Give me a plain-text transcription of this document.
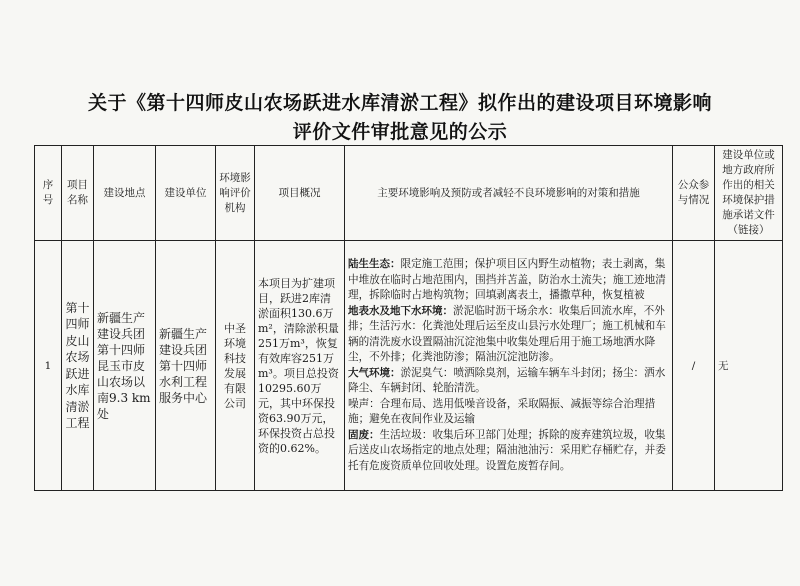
关于《第十四师皮山农场跃进水库清淤工程》拟作出的建设项目环境影响
评价文件审批意见的公示
序号	项目名称	建设地点	建设单位	环境影响评价机构	项目概况	主要环境影响及预防或者减轻不良环境影响的对策和措施	公众参与情况	建设单位或地方政府所作出的相关环境保护措施承诺文件（链接）
1	第十四师皮山农场跃进水库清淤工程	新疆生产建设兵团第十四师昆玉市皮山农场以南9.3 km处	新疆生产建设兵团第十四师水利工程服务中心	中圣环境科技发展有限公司	本项目为扩建项目，跃进2库清淤面积130.6万m²，清除淤积量251万m³，恢复有效库容251万m³。项目总投资10295.60万元，其中环保投资63.90万元，环保投资占总投资的0.62%。	陆生生态：限定施工范围；保护项目区内野生动植物；表土剥离，集中堆放在临时占地范围内，围挡并苫盖，防治水土流失；施工迹地清理，拆除临时占地构筑物；回填剥离表土，播撒草种，恢复植被

地表水及地下水环境：淤泥临时沥干场余水：收集后回流水库，不外排；生活污水：化粪池处理后运至皮山县污水处理厂；施工机械和车辆的清洗废水设置隔油沉淀池集中收集处理后用于施工场地洒水降尘，不外排；化粪池防渗；隔油沉淀池防渗。

大气环境：淤泥臭气：喷洒除臭剂，运输车辆车斗封闭；扬尘：洒水降尘、车辆封闭、轮胎清洗。

噪声：合理布局、选用低噪音设备，采取隔振、减振等综合治理措施；避免在夜间作业及运输

固废：生活垃圾：收集后环卫部门处理；拆除的废弃建筑垃圾，收集后送皮山农场指定的地点处理；隔油池油污：采用贮存桶贮存，并委托有危废资质单位回收处理。设置危废暂存间。	/	无
